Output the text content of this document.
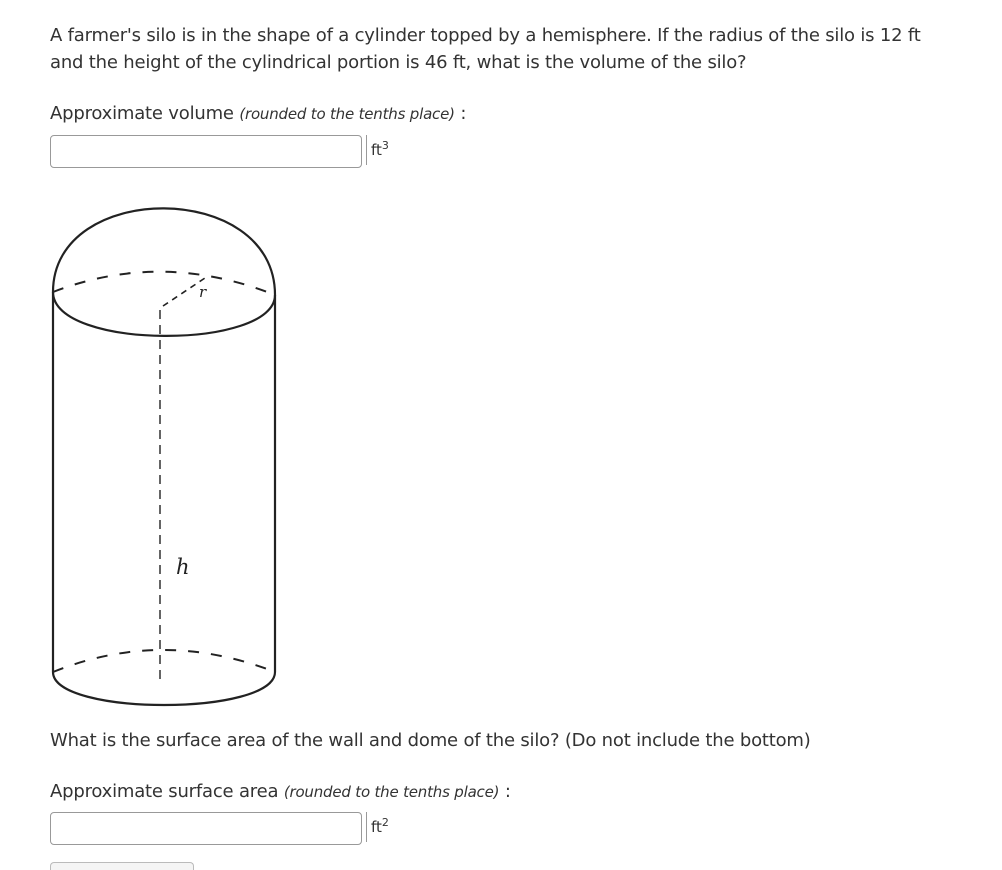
A farmer's silo is in the shape of a cylinder topped by a hemisphere. If the radius of the silo is 12 ft and the height of the cylindrical portion is 46 ft, what is the volume of the silo?
Approximate volume (rounded to the tenths place) :
$ft^3$
r
h
What is the surface area of the wall and dome of the silo? (Do not include the bottom)
Approximate surface area (rounded to the tenths place) :
$ft^2$
